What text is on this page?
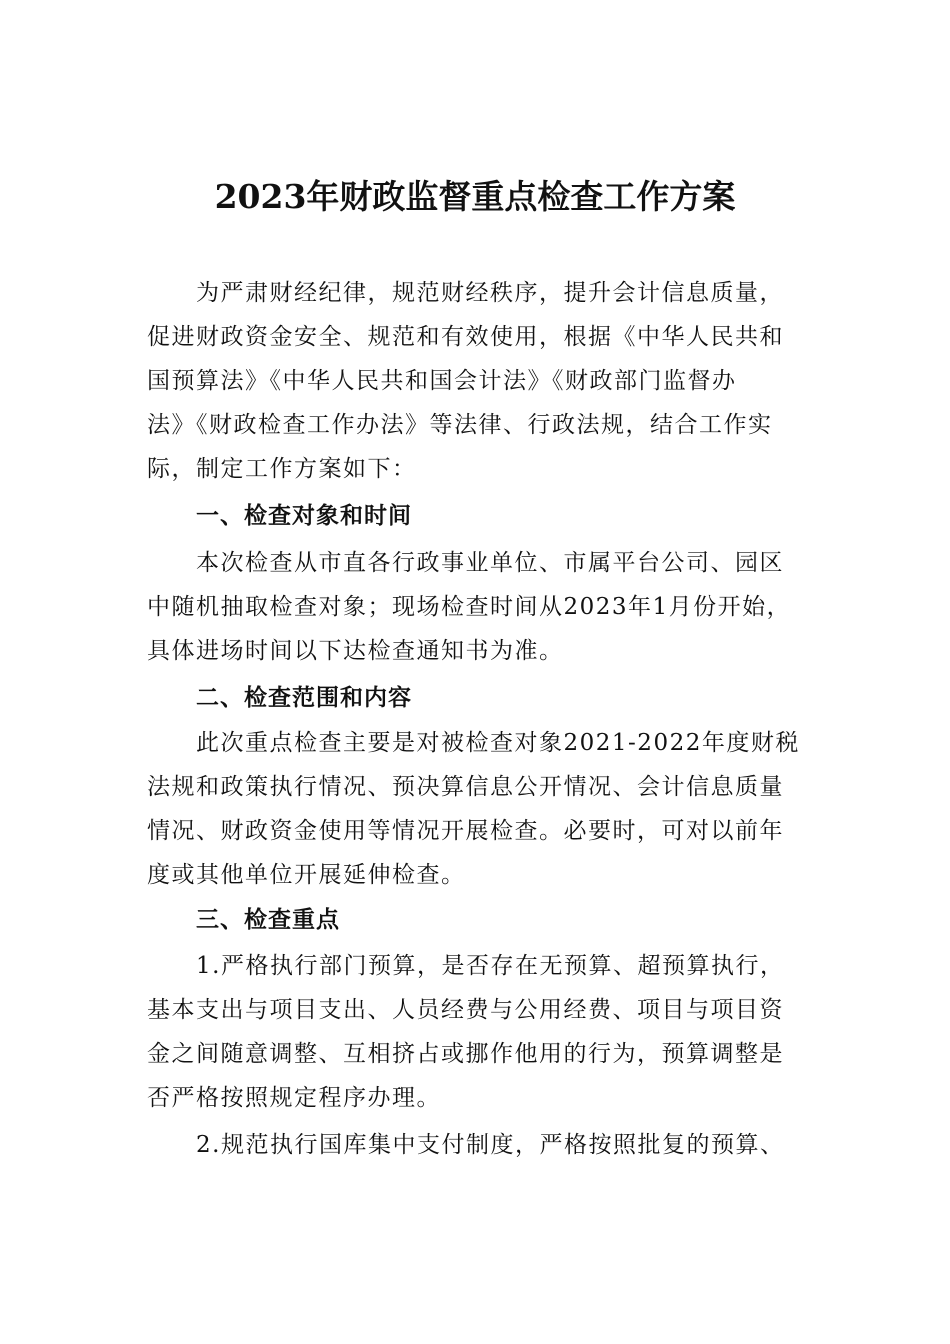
2023年财政监督重点检查工作方案
为严肃财经纪律，规范财经秩序，提升会计信息质量，
促进财政资金安全、规范和有效使用，根据《中华人民共和
国预算法》《中华人民共和国会计法》《财政部门监督办
法》《财政检查工作办法》等法律、行政法规，结合工作实
际，制定工作方案如下：
一、检查对象和时间
本次检查从市直各行政事业单位、市属平台公司、园区
中随机抽取检查对象；现场检查时间从2023年1月份开始，
具体进场时间以下达检查通知书为准。
二、检查范围和内容
此次重点检查主要是对被检查对象2021-2022年度财税
法规和政策执行情况、预决算信息公开情况、会计信息质量
情况、财政资金使用等情况开展检查。必要时，可对以前年
度或其他单位开展延伸检查。
三、检查重点
1.严格执行部门预算，是否存在无预算、超预算执行，
基本支出与项目支出、人员经费与公用经费、项目与项目资
金之间随意调整、互相挤占或挪作他用的行为，预算调整是
否严格按照规定程序办理。
2.规范执行国库集中支付制度，严格按照批复的预算、
